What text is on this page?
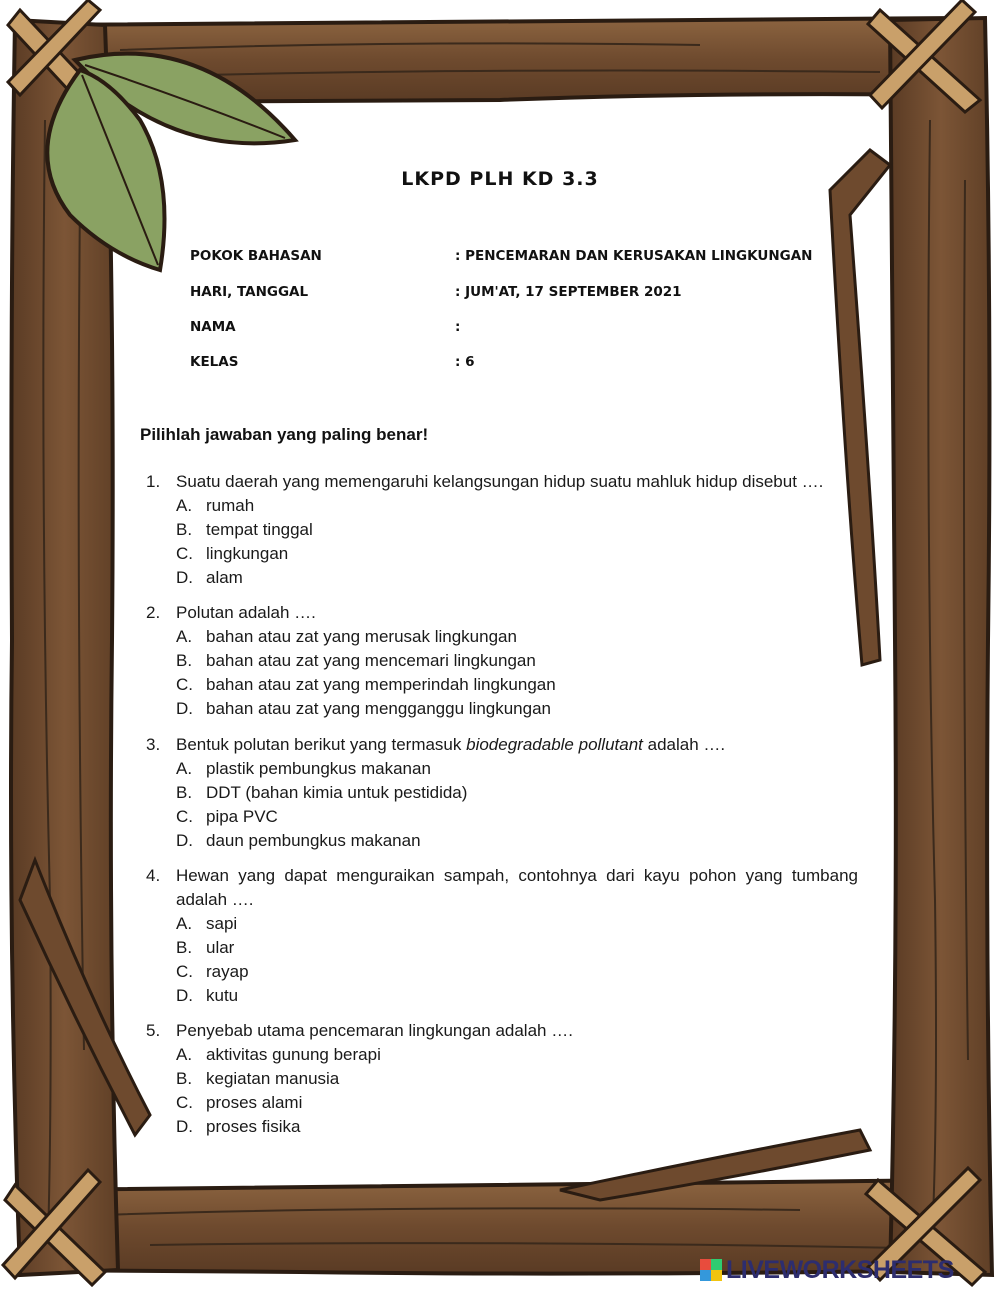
LKPD PLH KD 3.3
POKOK BAHASAN	: PENCEMARAN DAN KERUSAKAN LINGKUNGAN
HARI, TANGGAL	: JUM'AT, 17 SEPTEMBER 2021
NAMA	:
KELAS	: 6
Pilihlah jawaban yang paling benar!
1. Suatu daerah yang memengaruhi kelangsungan hidup suatu mahluk hidup disebut ….
A. rumah
B. tempat tinggal
C. lingkungan
D. alam
2. Polutan adalah ….
A. bahan atau zat yang merusak lingkungan
B. bahan atau zat yang mencemari lingkungan
C. bahan atau zat yang memperindah lingkungan
D. bahan atau zat yang mengganggu lingkungan
3. Bentuk polutan berikut yang termasuk biodegradable pollutant adalah ….
A. plastik pembungkus makanan
B. DDT (bahan kimia untuk pestidida)
C. pipa PVC
D. daun pembungkus makanan
4. Hewan yang dapat menguraikan sampah, contohnya dari kayu pohon yang tumbang adalah ….
A. sapi
B. ular
C. rayap
D. kutu
5. Penyebab utama pencemaran lingkungan adalah ….
A. aktivitas gunung berapi
B. kegiatan manusia
C. proses alami
D. proses fisika
LIVEWORKSHEETS
